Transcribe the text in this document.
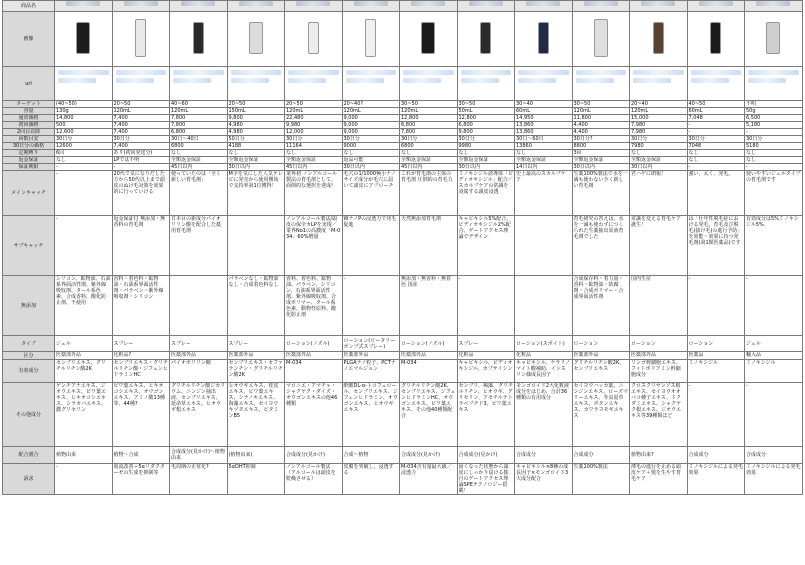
商品名													
画像													
url	

ターゲット	(40~50)	20~50	40~60	20~50	20~50	20~40?	30~50	30~50	30~40	30~50	20~40	40~50	不明
容量	130g	120mL	120mL	150mL	120mL	120mL	120mL	50mL	60mL	120mL	120mL	60mL	50g
通常価格	14,800	7,400	7,800	9,800	22,480	9,000	12,800	12,800	14,950	11,800	15,000	7,048	6,500
初回価格	500	7,400	7,800	4,980	9,980	9,000	6,800	6,800	13,860	4,400	7,980	-	5,180
2回目以降	12,600	7,400	6,800	4,980	12,000	9,000	7,800	9,800	13,860	4,400	7,980	-	-
回数目安	30日分	30日分	30日〜40日	50日分	30日分	30日分	30日分	30日分	30日〜60日	30日分?	30日分	30日分	30日分
30日分の価格	12600	7,400	6800	4188	11164	9000	6800	9980	13860	8800	7980	7048	5180
定期縛り	6回	あり(初回発送分)	なし	なし	なし	なし	なし	なし	なし	3回	なし	なし	なし
返金保証	なし	LPでは不明	全額返金保証	全額返金保証	全額返金保証	返品可能	全額返金保証	全額返金保証	全額返金保証	全額返金保証	全額返金保証	なし	なし
保証期限	-	-	45日以内	30日以内	45日以内	30日以内	45日以内	30日以内	14日以内	30日以内	30日以内	-	-
メインキャッチ	-	20代で気になりだした方から50代以上まで頭皮のぬけ毛対策を効果的に行っていける	使っていたのは「全く新しい育毛剤」	M字を気にした人気テレビに発売から使用開始で支持率第1位獲得！	業界初 ノンアルコール製法の育毛剤として、面倒的な選択を達成!	毛穴の1/1000極小ナノサイズ成分が毛穴に届いて頭皮にアプローチ	これが育毛剤の主体の育毛剤 圧倒的の育毛力	ミノキシジル誘導体「ピディオキシジル」配合／スカルプケアの常識を凌駕する頭皮浸透	史上最高のスカルプケア	生薬100%製法で水を一滴も使わない全く新しい育毛剤	君ハゲに朗報！	強い、太く、発毛。	使いやすいジェルタイプの育毛剤です
サブキャッチ	-	返金保証付 無添加・無香料の育毛剤	日本目の新成分パイオリリン酸を配合した薬用育毛剤		ノンアルコール製法/頭皮の保全カLPを実現／業界No1の高濃度「M-034」60%増量	WナノPの浸透力で発毛促進	天然無添加育毛剤	キャピキシル5%配合、ピディオキシジル2%配合、ゲートアクセス理論でデザイン		育毛研究の答えは、水を一滴も使わずにつくられた生薬抽出原液育毛剤でした	常識を変える育毛ケア誕生！	は「壮年性脱毛症における発毛、育毛及び脱毛(抜け毛)の進行予防」を効能・効果に持つ発毛剤(第1類医薬品)です	有効成分は5%ミノキシジル5%
無添加	シリコン、鉱物油、石油系界面活性剤、紫外線吸収剤、タール系色素、合成香料、酸化防止剤、不使用	香料・着色料・鉱物油・石油系界面活性剤・パラベン・紫外線吸収剤・シリコン		パラベンなし・鉱物油なし・合成着色料なし	香料、着色料、鉱物油、パラベン、シリコン、石油系界面活性剤、紫外線吸収剤、合成ポリマー、タール系色素、動物性原料、酸化防止剤	-	無添加・無香料・無着色 国産	-		合成保存料・着力量・香料・鉱物油・防腐剤・合成ポリマー・合成界面活性剤	国内生産	-	-
タイプ	ジェル	スプレー	スプレー	スプレー	ローション(ノズル)	ローション(ロータリーポンプ式スプレー)	ローション(ノズル)	スプレー	ローション(スポイト)	ローション	ローション	ローション	ジェル
区分	医薬部外品	化粧品?	医薬部外品	医薬部外品	医薬部外品	医薬部外品	医薬部外品	化粧品	化粧品	医薬部外品	医薬部外品	医薬品	輸入品
有効成分	センブリエキス、グリチルリチン酸2K	センブリエキス・グリチルリチン酸・ジフェンヒドラミンHC	パイオポリリン酸	センブリエキス・セファランチン・グリチルリチン酸2K	M-034	PLGAナノ粒子、PCTナノエマルジョン	M-034	キャピキシル、ピディオキシジル、カプサイシン	キャピキシル、ケラリノマイト酸補助、インスリン様成長因子	グリチルリチン酸2K、センブリエキス	リンゴ幹細胞エキス、フィトポリアミン幹細胞成分	ミノキシジル	ミノキシジル
その他成分	ゲンチアナエキス、ジオウエキス、ピワ葉エキス、ヒキオコシエキス、シラカバエキス、濃グリセリン	ピワ葉エキス、ヒキオコシエキス、オウゴンエキス、アミノ酸13種等、44種?	グリチルリチン酸ジカリウム、ニンジン抽出液、センブリエキス、延命草エキス、ヒオウギ根エキス	ヒオウギエキス、桂皮エキス、ピワ葉エキス、シナノキエキス、海藻エキス、セイヨウキヅタエキス、ビタミンB5	マロニエ・アマチャ・シャクヤク・ダイズ・オウゴンエキスの他46種類	酢酸DL-α-トコフェロール、センブリエキス、ジフェンヒドラミン、オウゴンエキス、ヒオウギエキス	グリチルリチン酸2K、センブリエキス、ジフェンヒドラミンHC、オウゴンエキス、ピワ葉エキス、その他40種類配合	センブリ、褐藻、グリチルリチン、ヒオウギ、グリセリン、アセチルテトラペプチド3、ピワ葉エキス	モンゴロイド2大化粧液成分をはじめ、合計36種類の有用成分	セイヨウハッカ葉、ニンジンエキス、ローズマリーエキス、冬虫夏草エキス、ボタンエキス、カワラヨモギエキス	クロスクリサンソス根エキス、セイヨウオオバコ種子エキス、ドクダミエキス、シャクヤク根エキス、ジオウエキス等39種類ほど	-	-
配合割合	植物由来	植物〜合成	合成成分(見かけ)〜植物由来	(植物由来)	合成成分(見かけ)	合成〜植物	合成成分(見かけ)	合成成分(見かけ)	合成成分	合成成分	植物由来?	合成成分	合成成分
訴求	-	血流改善＋5αリダクターゼの生成を抑制等	毛周期の正常化?	5αDHT抑制	ノンアルコール製法（アルコールは頭皮を乾燥させる）	皮膜を突破し、浸透する	M-034含有量最大級／浸透力	固くなった状態から頭皮にしっかり届ける独自のゲートアクセス理論SPEテクノロジー搭載！	キャピキシル×8種の成長因子×モンゴロイド3大成分配合	生薬100%製法	薄毛の進行を止める頭皮ケア＋髪を生やす育毛ケア	ミノキシジルによる発毛効果	ミノキシジルによる発毛効果
